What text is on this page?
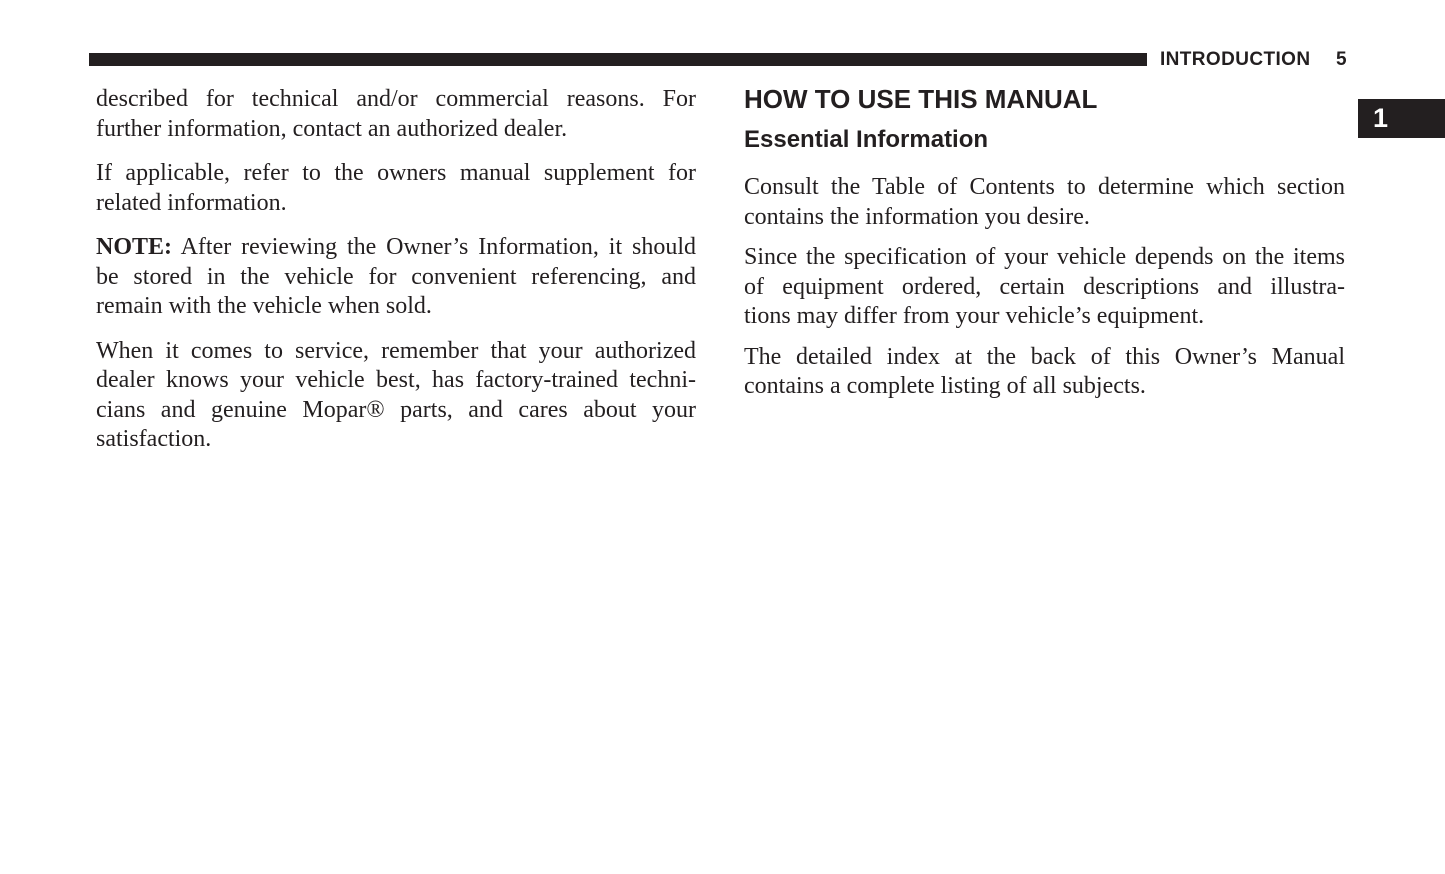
INTRODUCTION 5
1
described for technical and/or commercial reasons. For
further information, contact an authorized dealer.
If applicable, refer to the owners manual supplement for
related information.
NOTE: After reviewing the Owner’s Information, it should
be stored in the vehicle for convenient referencing, and
remain with the vehicle when sold.
When it comes to service, remember that your authorized
dealer knows your vehicle best, has factory-trained techni-
cians and genuine Mopar® parts, and cares about your
satisfaction.
HOW TO USE THIS MANUAL
Essential Information
Consult the Table of Contents to determine which section
contains the information you desire.
Since the specification of your vehicle depends on the items
of equipment ordered, certain descriptions and illustra-
tions may differ from your vehicle’s equipment.
The detailed index at the back of this Owner’s Manual
contains a complete listing of all subjects.
